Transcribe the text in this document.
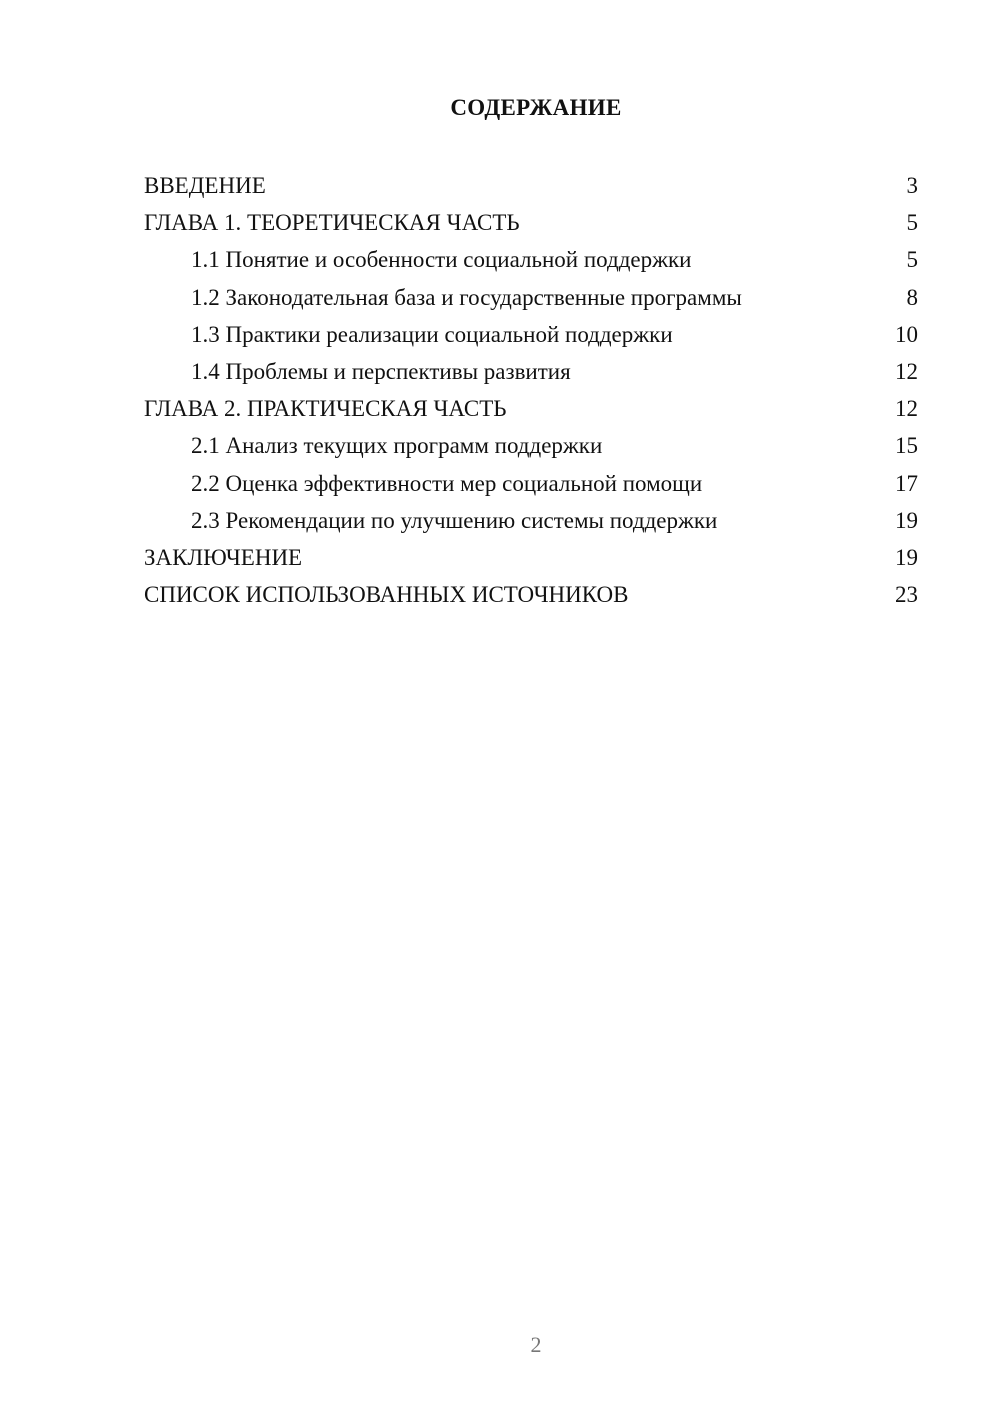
СОДЕРЖАНИЕ
ВВЕДЕНИЕ	3
ГЛАВА 1. ТЕОРЕТИЧЕСКАЯ ЧАСТЬ	5
1.1 Понятие и особенности социальной поддержки	5
1.2 Законодательная база и государственные программы	8
1.3 Практики реализации социальной поддержки	10
1.4 Проблемы и перспективы развития	12
ГЛАВА 2. ПРАКТИЧЕСКАЯ ЧАСТЬ	12
2.1 Анализ текущих программ поддержки	15
2.2 Оценка эффективности мер социальной помощи	17
2.3 Рекомендации по улучшению системы поддержки	19
ЗАКЛЮЧЕНИЕ	19
СПИСОК ИСПОЛЬЗОВАННЫХ ИСТОЧНИКОВ	23
2
